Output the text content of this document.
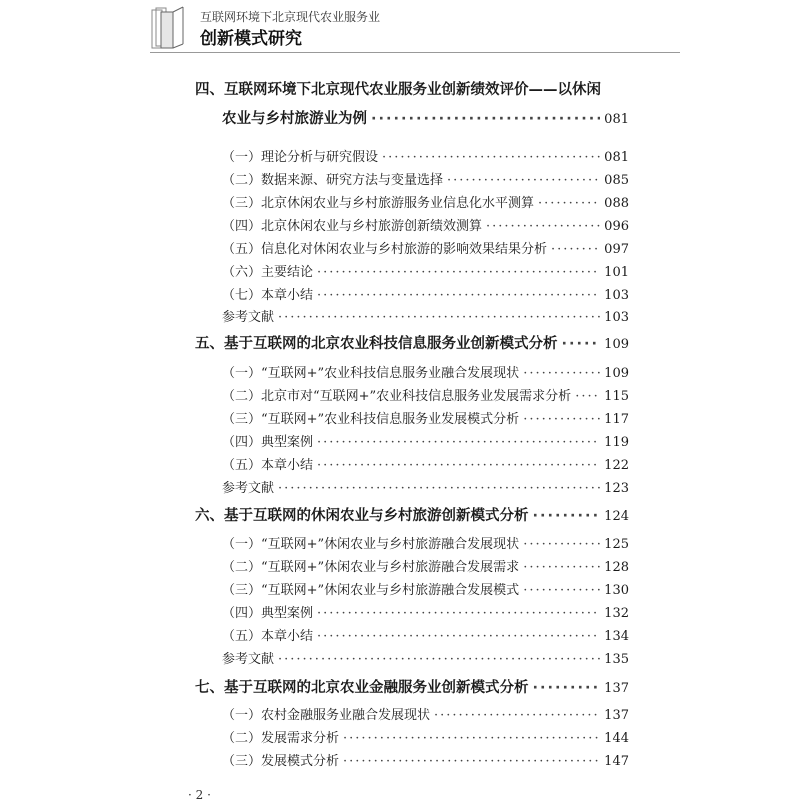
互联网环境下北京现代农业服务业
创新模式研究
四、互联网环境下北京现代农业服务业创新绩效评价——以休闲
农业与乡村旅游业为例 ·····	081
（一）理论分析与研究假设 ·····	081
（二）数据来源、研究方法与变量选择 ·····	085
（三）北京休闲农业与乡村旅游服务业信息化水平测算 ·····	088
（四）北京休闲农业与乡村旅游创新绩效测算 ·····	096
（五）信息化对休闲农业与乡村旅游的影响效果结果分析 ·····	097
（六）主要结论 ·····	101
（七）本章小结 ·····	103
参考文献 ·····	103
五、基于互联网的北京农业科技信息服务业创新模式分析 ·····	109
（一）“互联网+”农业科技信息服务业融合发展现状 ·····	109
（二）北京市对“互联网+”农业科技信息服务业发展需求分析 ·····	115
（三）“互联网+”农业科技信息服务业发展模式分析 ·····	117
（四）典型案例 ·····	119
（五）本章小结 ·····	122
参考文献 ·····	123
六、基于互联网的休闲农业与乡村旅游创新模式分析 ·····	124
（一）“互联网+”休闲农业与乡村旅游融合发展现状 ·····	125
（二）“互联网+”休闲农业与乡村旅游融合发展需求 ·····	128
（三）“互联网+”休闲农业与乡村旅游融合发展模式 ·····	130
（四）典型案例 ·····	132
（五）本章小结 ·····	134
参考文献 ·····	135
七、基于互联网的北京农业金融服务业创新模式分析 ·····	137
（一）农村金融服务业融合发展现状 ·····	137
（二）发展需求分析 ·····	144
（三）发展模式分析 ·····	147
· 2 ·
